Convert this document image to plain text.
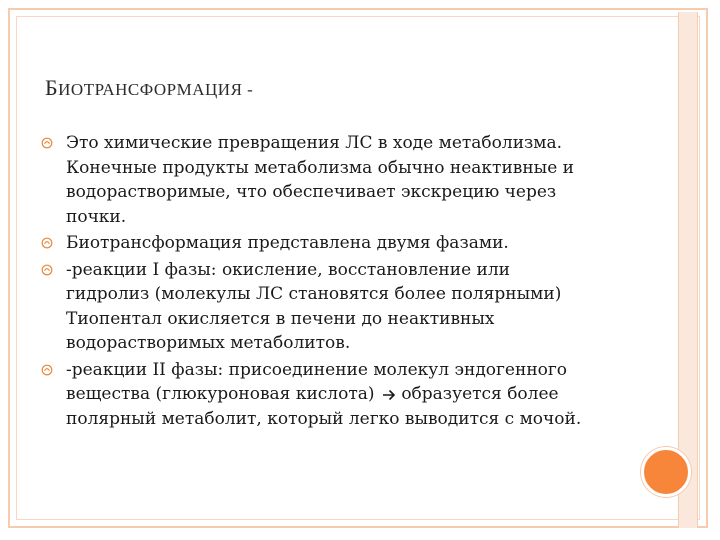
БИОТРАНСФОРМАЦИЯ -
Это химические превращения ЛС в ходе метаболизма. Конечные продукты метаболизма обычно неактивные и водорастворимые, что обеспечивает экскрецию через почки.
Биотрансформация представлена двумя фазами.
-реакции I фазы: окисление, восстановление или гидролиз (молекулы ЛС становятся более полярными) Тиопентал окисляется в печени до неактивных водорастворимых метаболитов.
-реакции II фазы: присоединение молекул эндогенного вещества (глюкуроновая кислота) образуется более полярный метаболит, который легко выводится с мочой.
